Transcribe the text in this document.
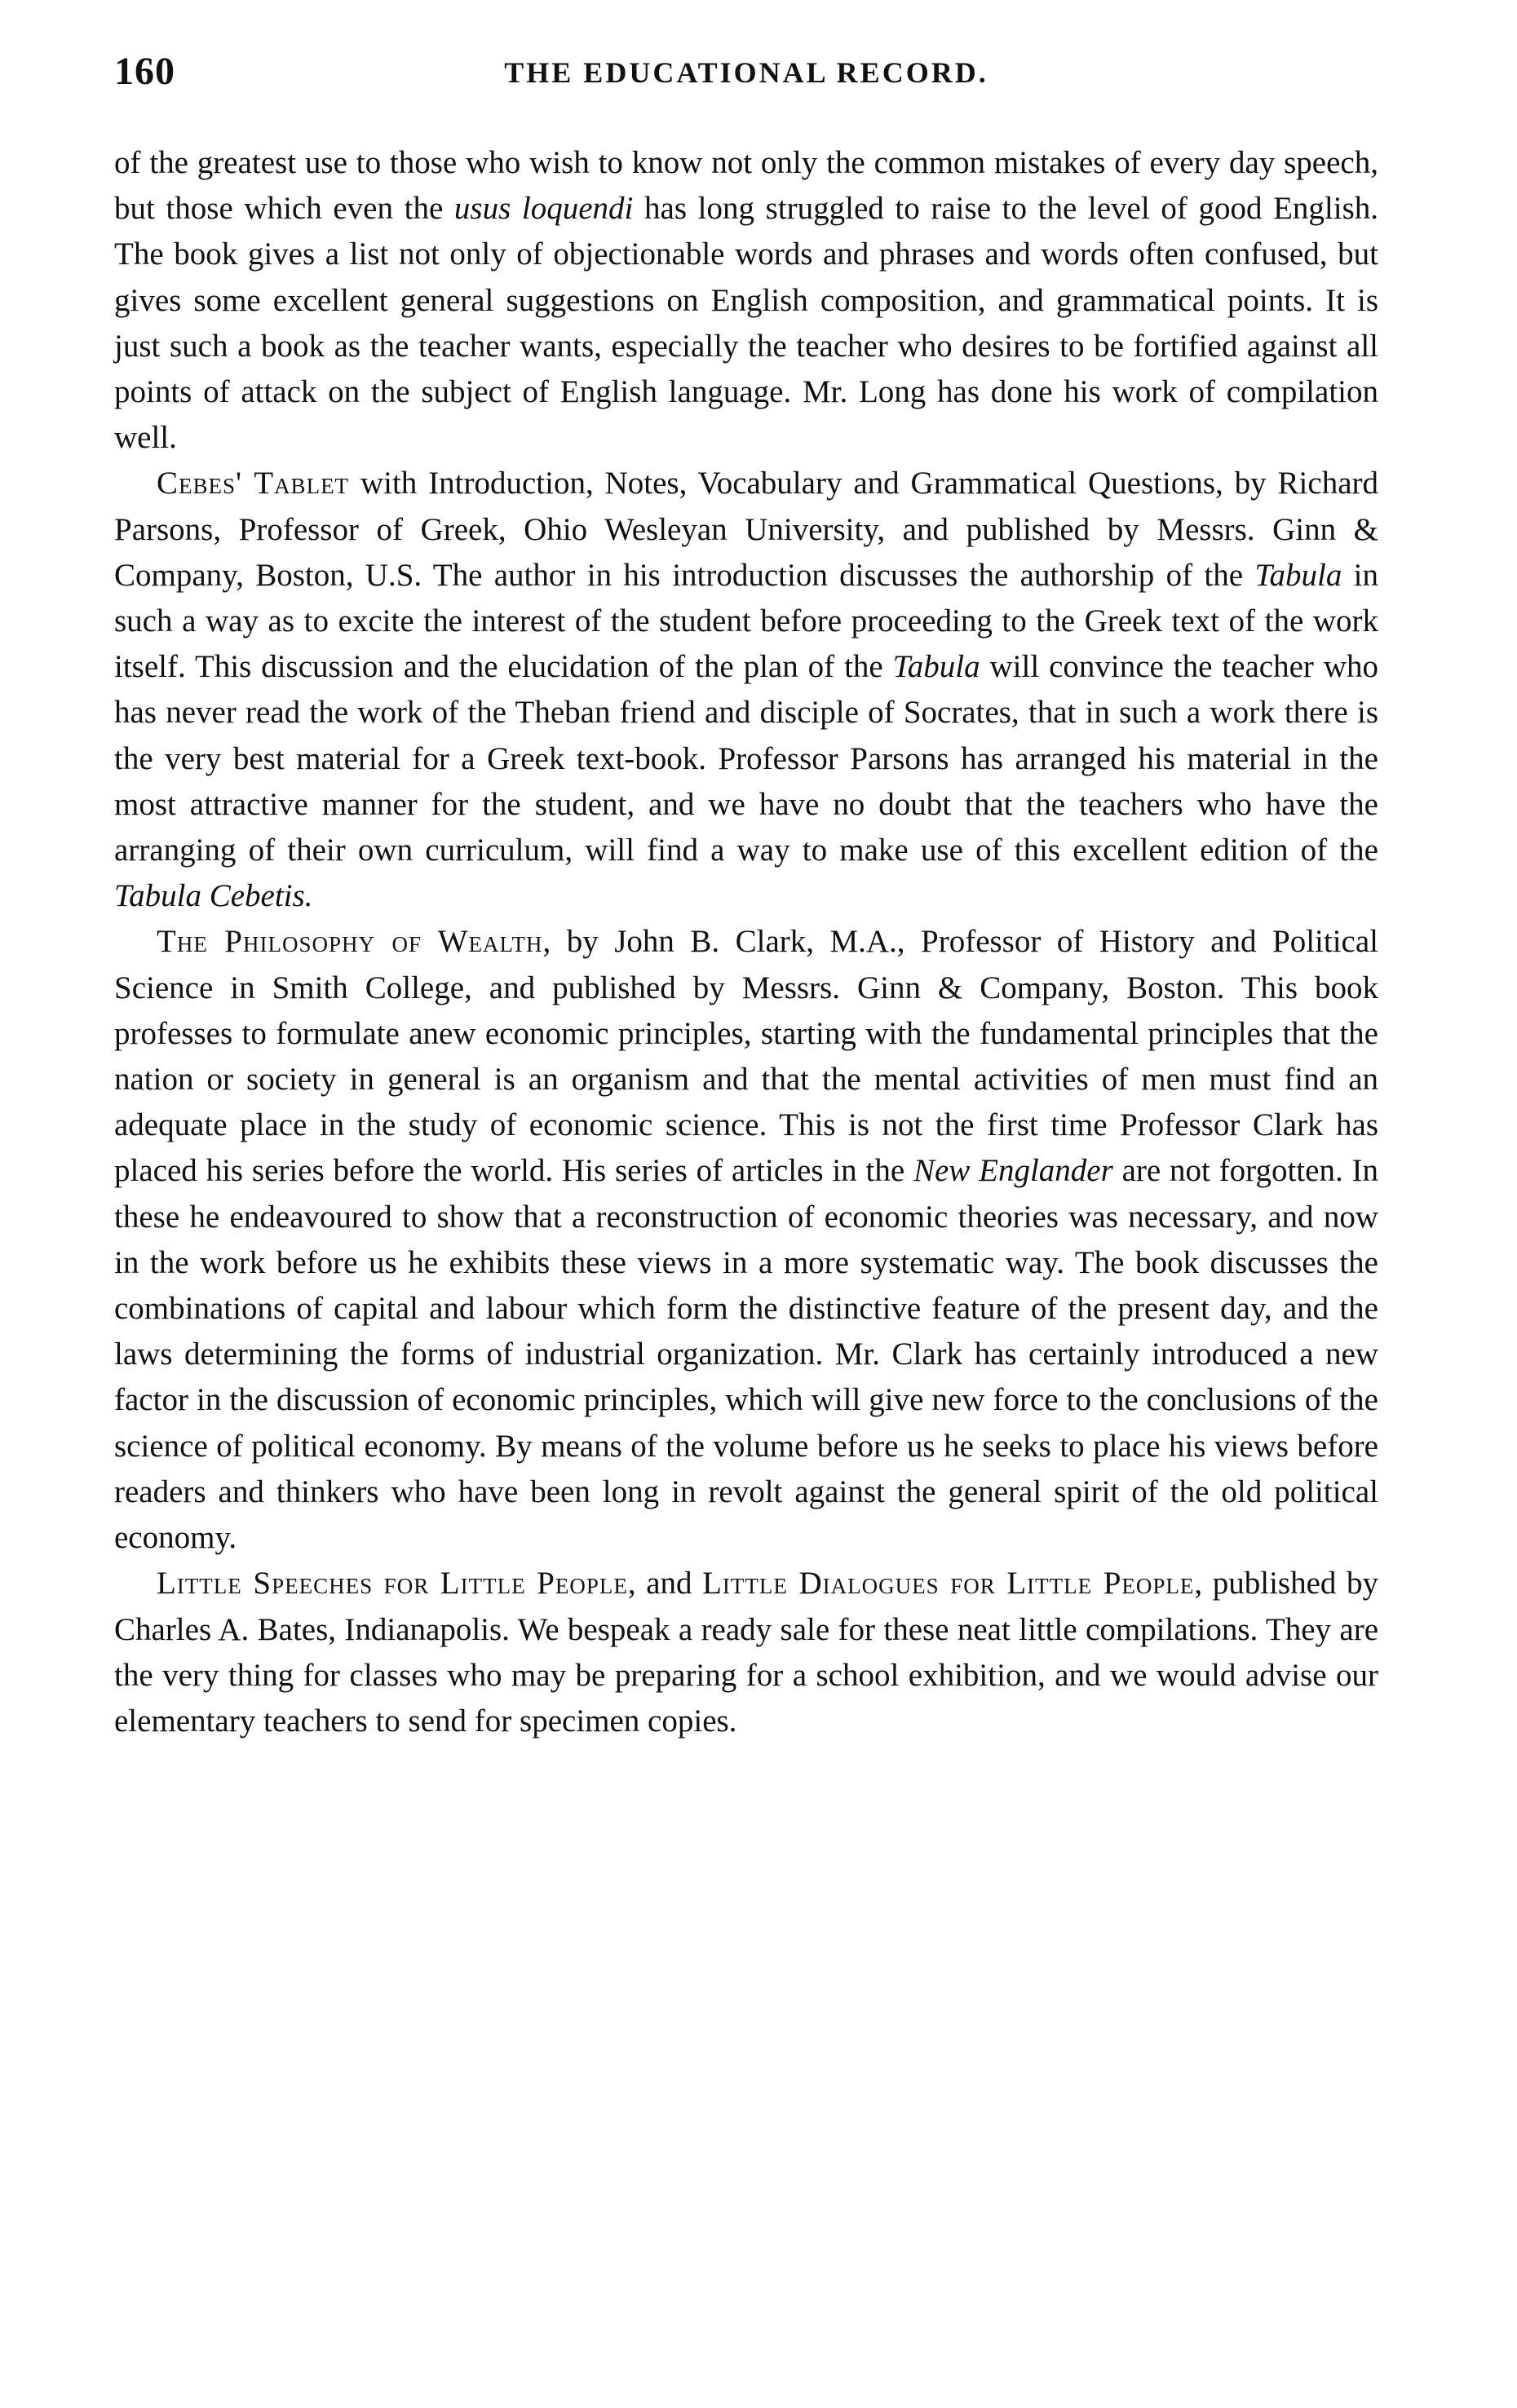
160	THE EDUCATIONAL RECORD.

of the greatest use to those who wish to know not only the common mistakes of every day speech, but those which even the usus loquendi has long struggled to raise to the level of good English. The book gives a list not only of objectionable words and phrases and words often confused, but gives some excellent general suggestions on English composition, and grammatical points. It is just such a book as the teacher wants, especially the teacher who desires to be fortified against all points of attack on the subject of English language. Mr. Long has done his work of compilation well.

Cebes' Tablet with Introduction, Notes, Vocabulary and Grammatical Questions, by Richard Parsons, Professor of Greek, Ohio Wesleyan University, and published by Messrs. Ginn & Company, Boston, U.S. The author in his introduction discusses the authorship of the Tabula in such a way as to excite the interest of the student before proceeding to the Greek text of the work itself. This discussion and the elucidation of the plan of the Tabula will convince the teacher who has never read the work of the Theban friend and disciple of Socrates, that in such a work there is the very best material for a Greek text-book. Professor Parsons has arranged his material in the most attractive manner for the student, and we have no doubt that the teachers who have the arranging of their own curriculum, will find a way to make use of this excellent edition of the Tabula Cebetis.

The Philosophy of Wealth, by John B. Clark, M.A., Professor of History and Political Science in Smith College, and published by Messrs. Ginn & Company, Boston. This book professes to formulate anew economic principles, starting with the fundamental principles that the nation or society in general is an organism and that the mental activities of men must find an adequate place in the study of economic science. This is not the first time Professor Clark has placed his series before the world. His series of articles in the New Englander are not forgotten. In these he endeavoured to show that a reconstruction of economic theories was necessary, and now in the work before us he exhibits these views in a more systematic way. The book discusses the combinations of capital and labour which form the distinctive feature of the present day, and the laws determining the forms of industrial organization. Mr. Clark has certainly introduced a new factor in the discussion of economic principles, which will give new force to the conclusions of the science of political economy. By means of the volume before us he seeks to place his views before readers and thinkers who have been long in revolt against the general spirit of the old political economy.

Little Speeches for Little People, and Little Dialogues for Little People, published by Charles A. Bates, Indianapolis. We bespeak a ready sale for these neat little compilations. They are the very thing for classes who may be preparing for a school exhibition, and we would advise our elementary teachers to send for specimen copies.
